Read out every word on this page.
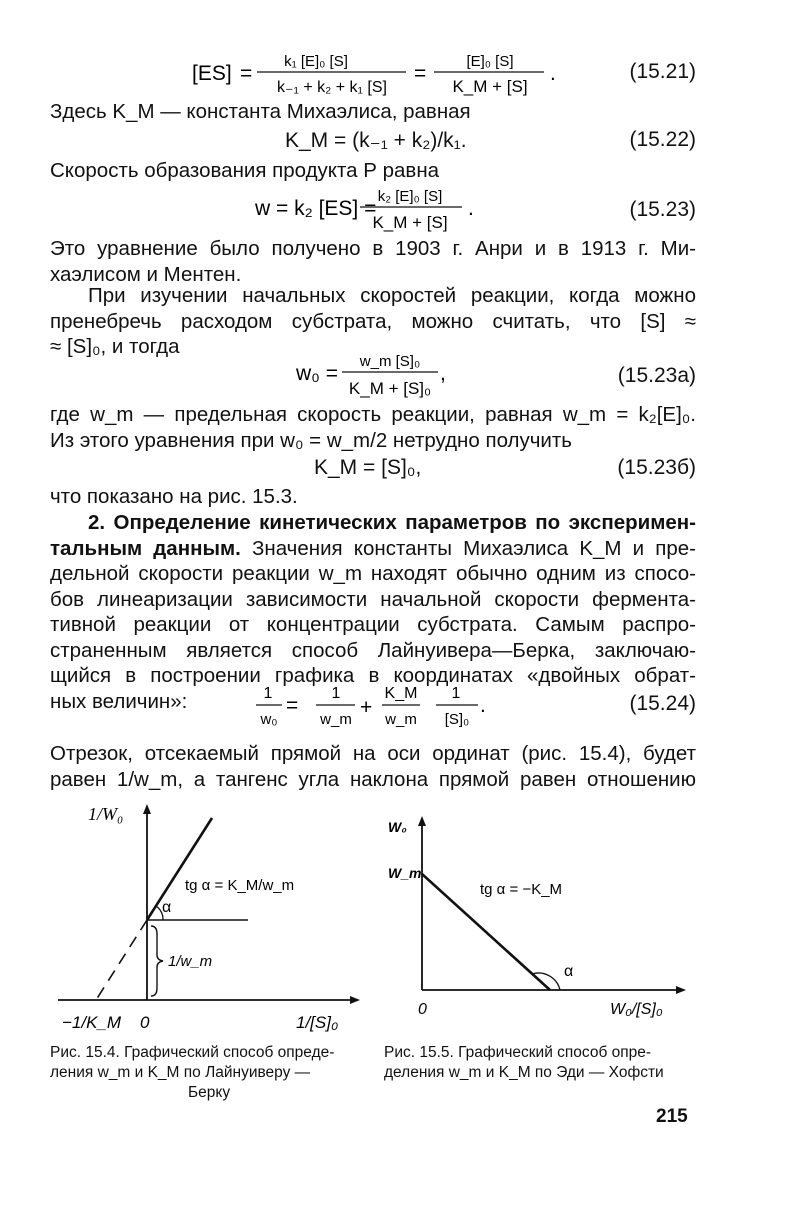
[ES] =
k₁ [E]₀ [S]
k₋₁ + k₂ + k₁ [S]
=
[E]₀ [S]
K_M + [S]
.	(15.21)
Здесь K_M — константа Михаэлиса, равная
K_M = (k₋₁ + k₂)/k₁.	(15.22)
Скорость образования продукта Р равна
w = k₂ [ES] =
k₂ [E]₀ [S]
K_M + [S]
.	(15.23)
Это уравнение было получено в 1903 г. Анри и в 1913 г. Ми-
хаэлисом и Ментен.
При изучении начальных скоростей реакции, когда можно
пренебречь расходом субстрата, можно считать, что [S] ≈
≈ [S]₀, и тогда
w₀ =
w_m [S]₀
K_M + [S]₀
,	(15.23а)
где w_m — предельная скорость реакции, равная w_m = k₂[E]₀.
Из этого уравнения при w₀ = w_m/2 нетрудно получить
K_M = [S]₀,	(15.23б)
что показано на рис. 15.3.
2. Определение кинетических параметров по эксперимен-
тальным данным. Значения константы Михаэлиса K_M и пре-
дельной скорости реакции w_m находят обычно одним из спосо-
бов линеаризации зависимости начальной скорости фермента-
тивной реакции от концентрации субстрата. Самым распро-
страненным является способ Лайнуивера—Берка, заключаю-
щийся в построении графика в координатах «двойных обрат-
ных величин»:	1
w₀
=
1
w_m
+
K_M
w_m
1
[S]₀
.	(15.24)
Отрезок, отсекаемый прямой на оси ординат (рис. 15.4), будет
равен 1/w_m, а тангенс угла наклона прямой равен отношению
1/W₀
tg α = K_M/w_m
α
1/w_m
−1/K_M 0	1/[S]₀
Рис. 15.4. Графический способ опреде-
ления w_m и K_M по Лайнуиверу —
Берку
W₀
W_m
tg α = −K_M
α
0	W₀/[S]₀
Рис. 15.5. Графический способ опре-
деления w_m и K_M по Эди — Хофсти
215
